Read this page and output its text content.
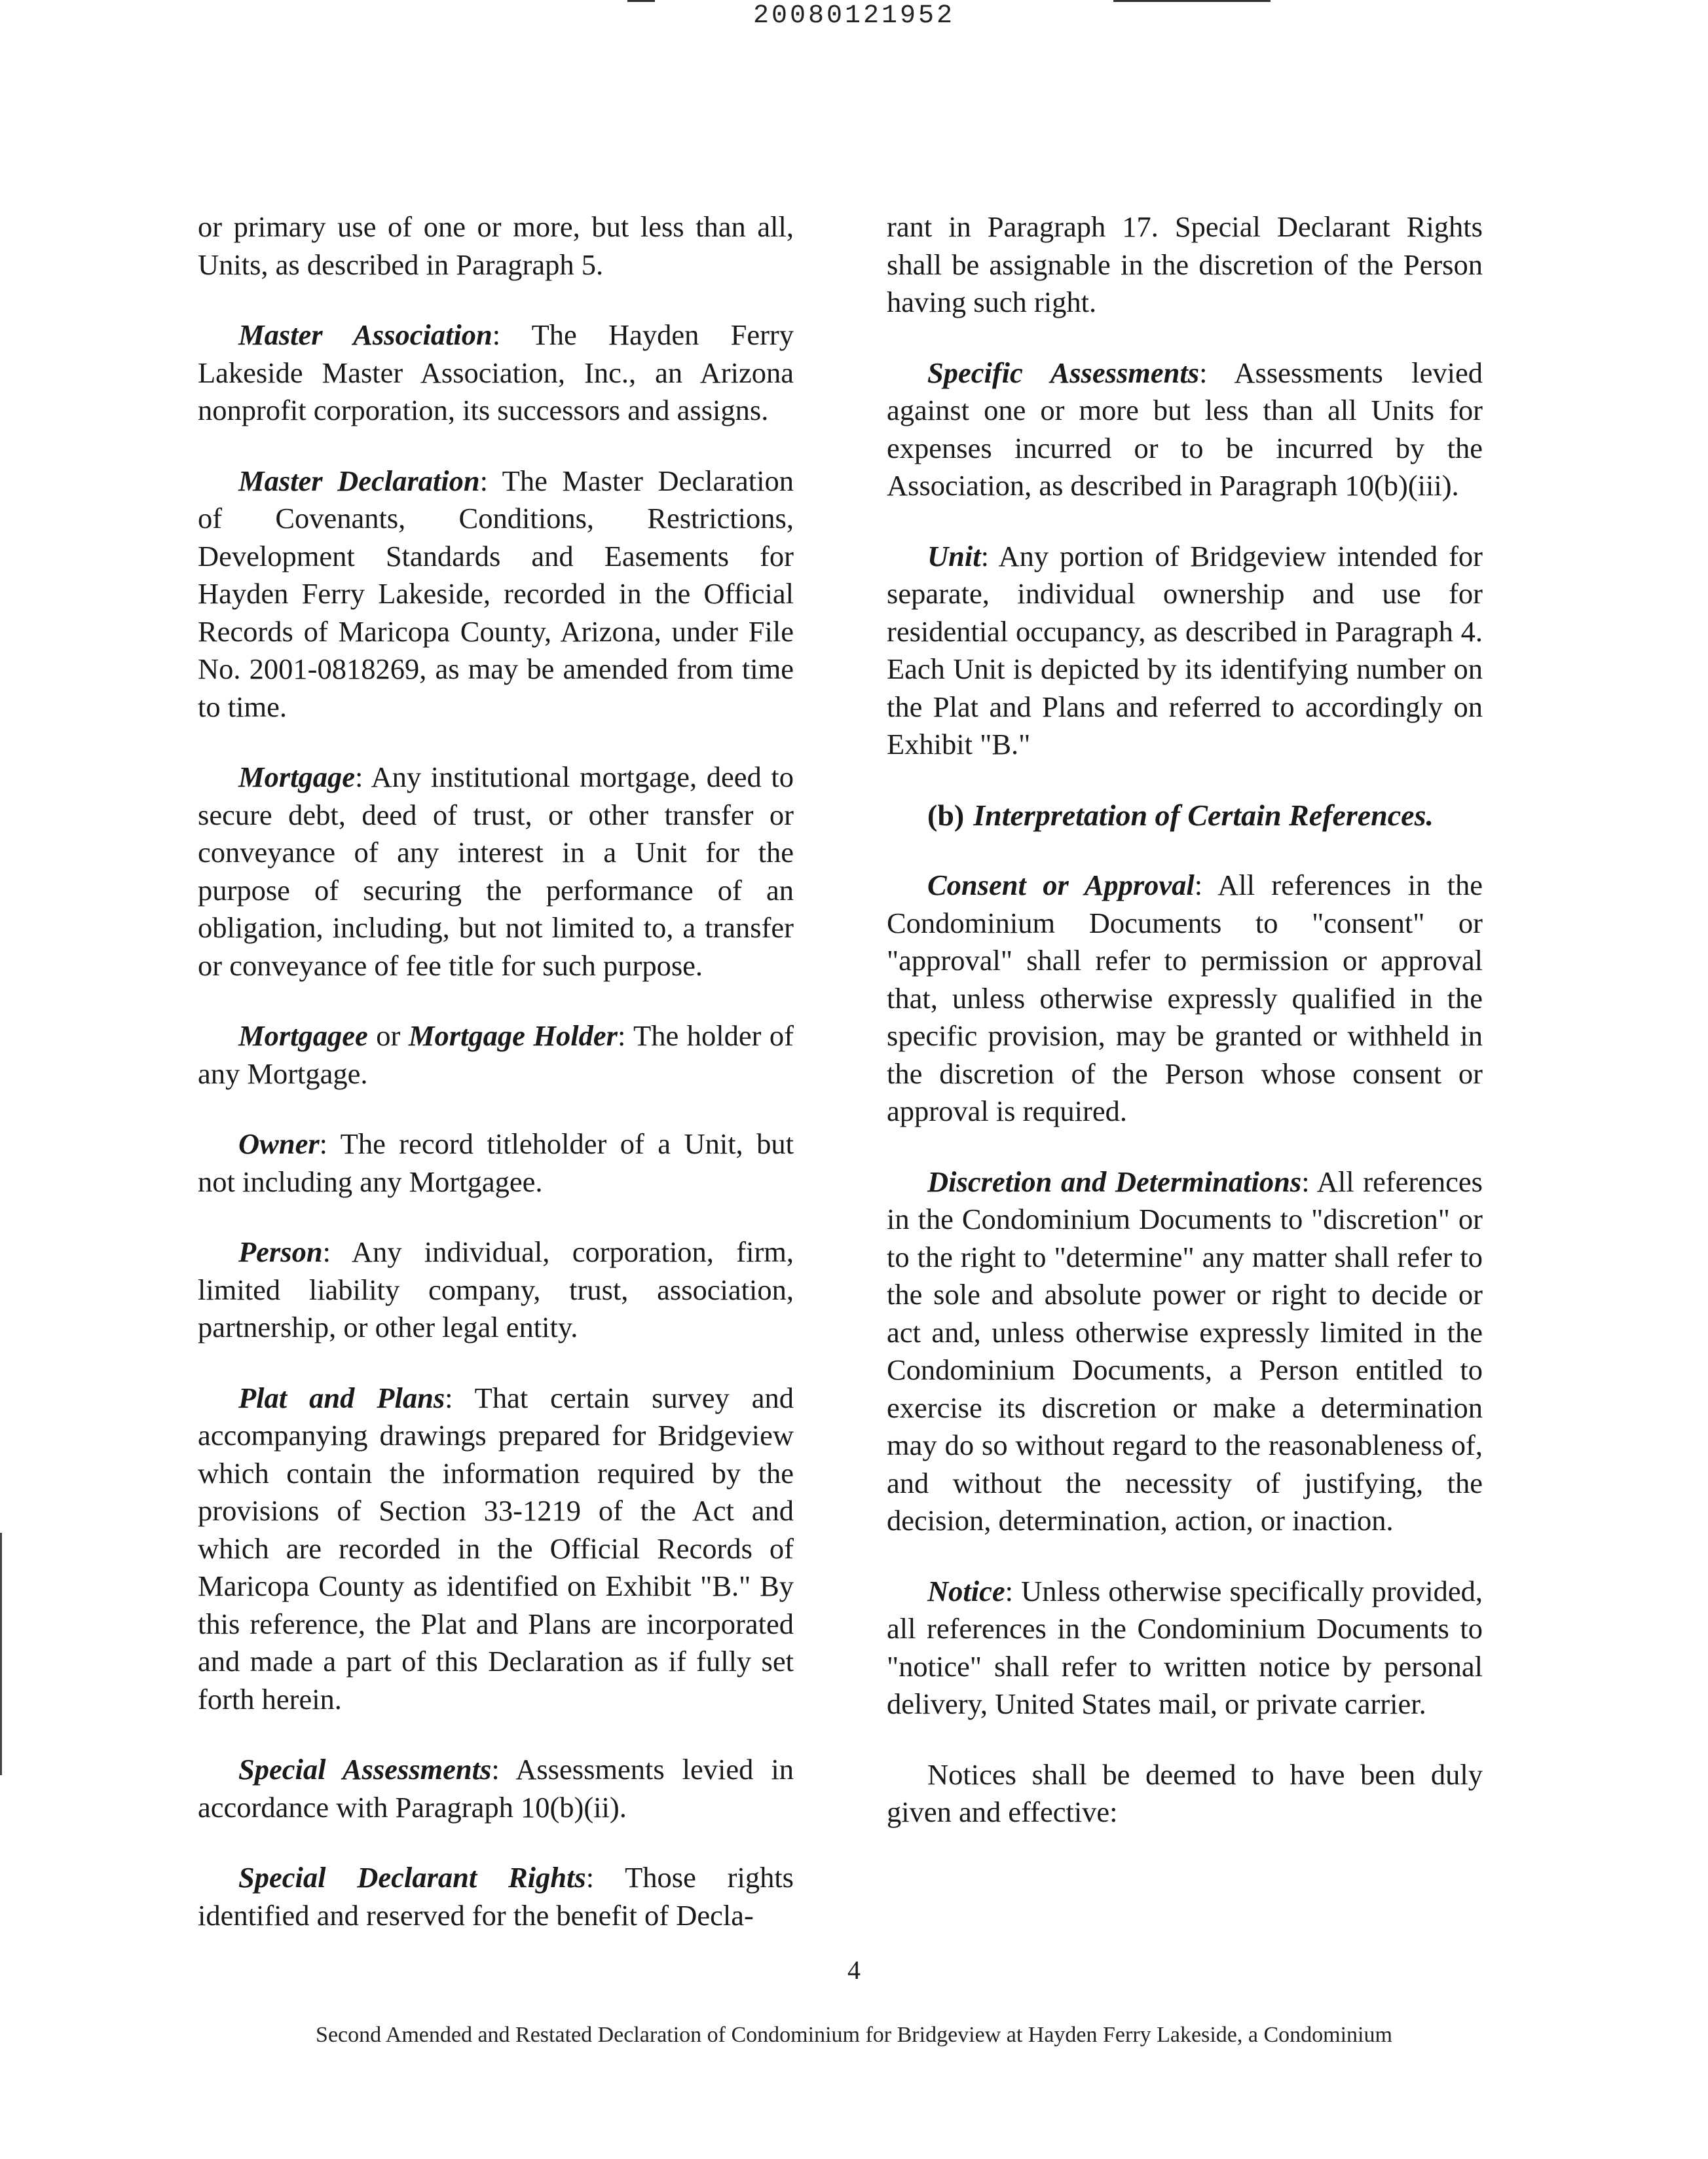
20080121952

or primary use of one or more, but less than all, Units, as described in Paragraph 5.

Master Association: The Hayden Ferry Lakeside Master Association, Inc., an Arizona nonprofit corporation, its successors and assigns.

Master Declaration: The Master Declaration of Covenants, Conditions, Restrictions, Development Standards and Easements for Hayden Ferry Lakeside, recorded in the Official Records of Maricopa County, Arizona, under File No. 2001-0818269, as may be amended from time to time.

Mortgage: Any institutional mortgage, deed to secure debt, deed of trust, or other transfer or conveyance of any interest in a Unit for the purpose of securing the performance of an obligation, including, but not limited to, a transfer or conveyance of fee title for such purpose.

Mortgagee or Mortgage Holder: The holder of any Mortgage.

Owner: The record titleholder of a Unit, but not including any Mortgagee.

Person: Any individual, corporation, firm, limited liability company, trust, association, partnership, or other legal entity.

Plat and Plans: That certain survey and accompanying drawings prepared for Bridgeview which contain the information required by the provisions of Section 33-1219 of the Act and which are recorded in the Official Records of Maricopa County as identified on Exhibit "B." By this reference, the Plat and Plans are incorporated and made a part of this Declaration as if fully set forth herein.

Special Assessments: Assessments levied in accordance with Paragraph 10(b)(ii).

Special Declarant Rights: Those rights identified and reserved for the benefit of Decla-

rant in Paragraph 17. Special Declarant Rights shall be assignable in the discretion of the Person having such right.

Specific Assessments: Assessments levied against one or more but less than all Units for expenses incurred or to be incurred by the Association, as described in Paragraph 10(b)(iii).

Unit: Any portion of Bridgeview intended for separate, individual ownership and use for residential occupancy, as described in Paragraph 4. Each Unit is depicted by its identifying number on the Plat and Plans and referred to accordingly on Exhibit "B."

(b) Interpretation of Certain References.

Consent or Approval: All references in the Condominium Documents to "consent" or "approval" shall refer to permission or approval that, unless otherwise expressly qualified in the specific provision, may be granted or withheld in the discretion of the Person whose consent or approval is required.

Discretion and Determinations: All references in the Condominium Documents to "discretion" or to the right to "determine" any matter shall refer to the sole and absolute power or right to decide or act and, unless otherwise expressly limited in the Condominium Documents, a Person entitled to exercise its discretion or make a determination may do so without regard to the reasonableness of, and without the necessity of justifying, the decision, determination, action, or inaction.

Notice: Unless otherwise specifically provided, all references in the Condominium Documents to "notice" shall refer to written notice by personal delivery, United States mail, or private carrier.

Notices shall be deemed to have been duly given and effective:

4
Second Amended and Restated Declaration of Condominium for Bridgeview at Hayden Ferry Lakeside, a Condominium
